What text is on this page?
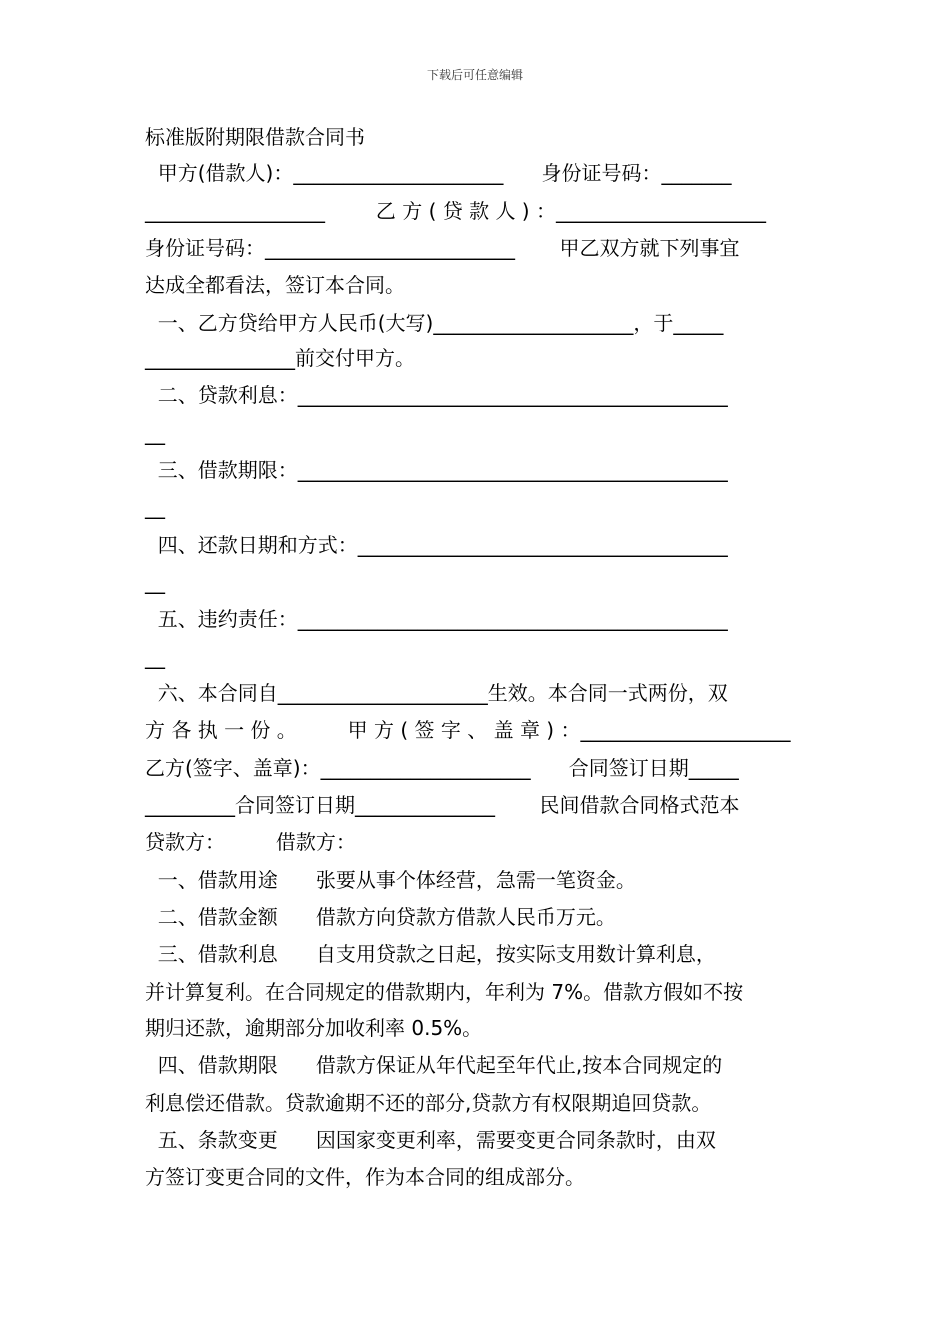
下载后可任意编辑
标准版附期限借款合同书
甲方(借款人)：_____________________      身份证号码：_______
__________________        乙 方 ( 贷 款 人 ) ：_____________________
身份证号码：_________________________       甲乙双方就下列事宜
达成全都看法，签订本合同。
一、乙方贷给甲方人民币(大写)____________________，于_____
_______________前交付甲方。
二、贷款利息：___________________________________________
__
三、借款期限：___________________________________________
__
四、还款日期和方式：_____________________________________
__
五、违约责任：___________________________________________
__
六、本合同自_____________________生效。本合同一式两份，双
方 各 执 一 份 。        甲 方 ( 签 字 、 盖 章 ) ：_____________________
乙方(签字、盖章)：_____________________      合同签订日期_____
_________合同签订日期______________       民间借款合同格式范本
贷款方：        借款方：
一、借款用途      张要从事个体经营，急需一笔资金。
二、借款金额      借款方向贷款方借款人民币万元。
三、借款利息      自支用贷款之日起，按实际支用数计算利息，
并计算复利。在合同规定的借款期内，年利为 7%。借款方假如不按
期归还款，逾期部分加收利率 0.5%。
四、借款期限      借款方保证从年代起至年代止,按本合同规定的
利息偿还借款。贷款逾期不还的部分,贷款方有权限期追回贷款。
五、条款变更      因国家变更利率，需要变更合同条款时，由双
方签订变更合同的文件，作为本合同的组成部分。
